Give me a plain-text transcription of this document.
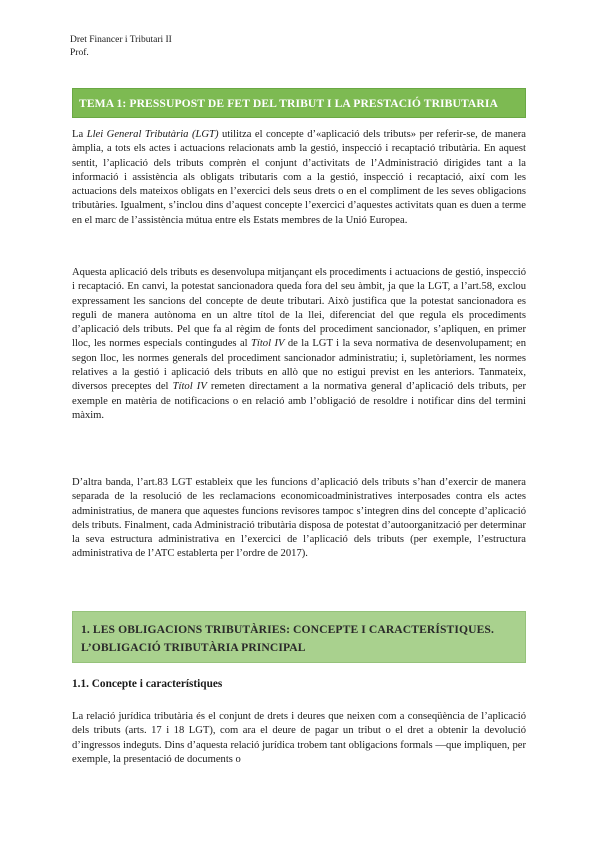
Dret Financer i Tributari II
Prof.
TEMA 1: PRESSUPOST DE FET DEL TRIBUT I LA PRESTACIÓ TRIBUTARIA

La Llei General Tributària (LGT) utilitza el concepte d’«aplicació dels tributs» per referir-se, de manera àmplia, a tots els actes i actuacions relacionats amb la gestió, inspecció i recaptació tributària. En aquest sentit, l’aplicació dels tributs comprèn el conjunt d’activitats de l’Administració dirigides tant a la informació i assistència als obligats tributaris com a la gestió, inspecció i recaptació, així com les actuacions dels mateixos obligats en l’exercici dels seus drets o en el compliment de les seves obligacions tributàries. Igualment, s’inclou dins d’aquest concepte l’exercici d’aquestes activitats quan es duen a terme en el marc de l’assistència mútua entre els Estats membres de la Unió Europea.

Aquesta aplicació dels tributs es desenvolupa mitjançant els procediments i actuacions de gestió, inspecció i recaptació. En canvi, la potestat sancionadora queda fora del seu àmbit, ja que la LGT, a l’art.58, exclou expressament les sancions del concepte de deute tributari. Això justifica que la potestat sancionadora es reguli de manera autònoma en un altre títol de la llei, diferenciat del que regula els procediments d’aplicació dels tributs. Pel que fa al règim de fonts del procediment sancionador, s’apliquen, en primer lloc, les normes especials contingudes al Títol IV de la LGT i la seva normativa de desenvolupament; en segon lloc, les normes generals del procediment sancionador administratiu; i, supletòriament, les normes relatives a la gestió i aplicació dels tributs en allò que no estigui previst en les anteriors. Tanmateix, diversos preceptes del Títol IV remeten directament a la normativa general d’aplicació dels tributs, per exemple en matèria de notificacions o en relació amb l’obligació de resoldre i notificar dins del termini màxim.

D’altra banda, l’art.83 LGT estableix que les funcions d’aplicació dels tributs s’han d’exercir de manera separada de la resolució de les reclamacions economicoadministratives interposades contra els actes administratius, de manera que aquestes funcions revisores tampoc s’integren dins del concepte d’aplicació dels tributs. Finalment, cada Administració tributària disposa de potestat d’autoorganització per determinar la seva estructura administrativa en l’exercici de l’aplicació dels tributs (per exemple, l’estructura administrativa de l’ATC establerta per l’ordre de 2017).

1. LES OBLIGACIONS TRIBUTÀRIES: CONCEPTE I CARACTERÍSTIQUES.
L’OBLIGACIÓ TRIBUTÀRIA PRINCIPAL
1.1. Concepte i característiques

La relació jurídica tributària és el conjunt de drets i deures que neixen com a conseqüència de l’aplicació dels tributs (arts. 17 i 18 LGT), com ara el deure de pagar un tribut o el dret a obtenir la devolució d’ingressos indeguts. Dins d’aquesta relació jurídica trobem tant obligacions formals —que impliquen, per exemple, la presentació de documents o
